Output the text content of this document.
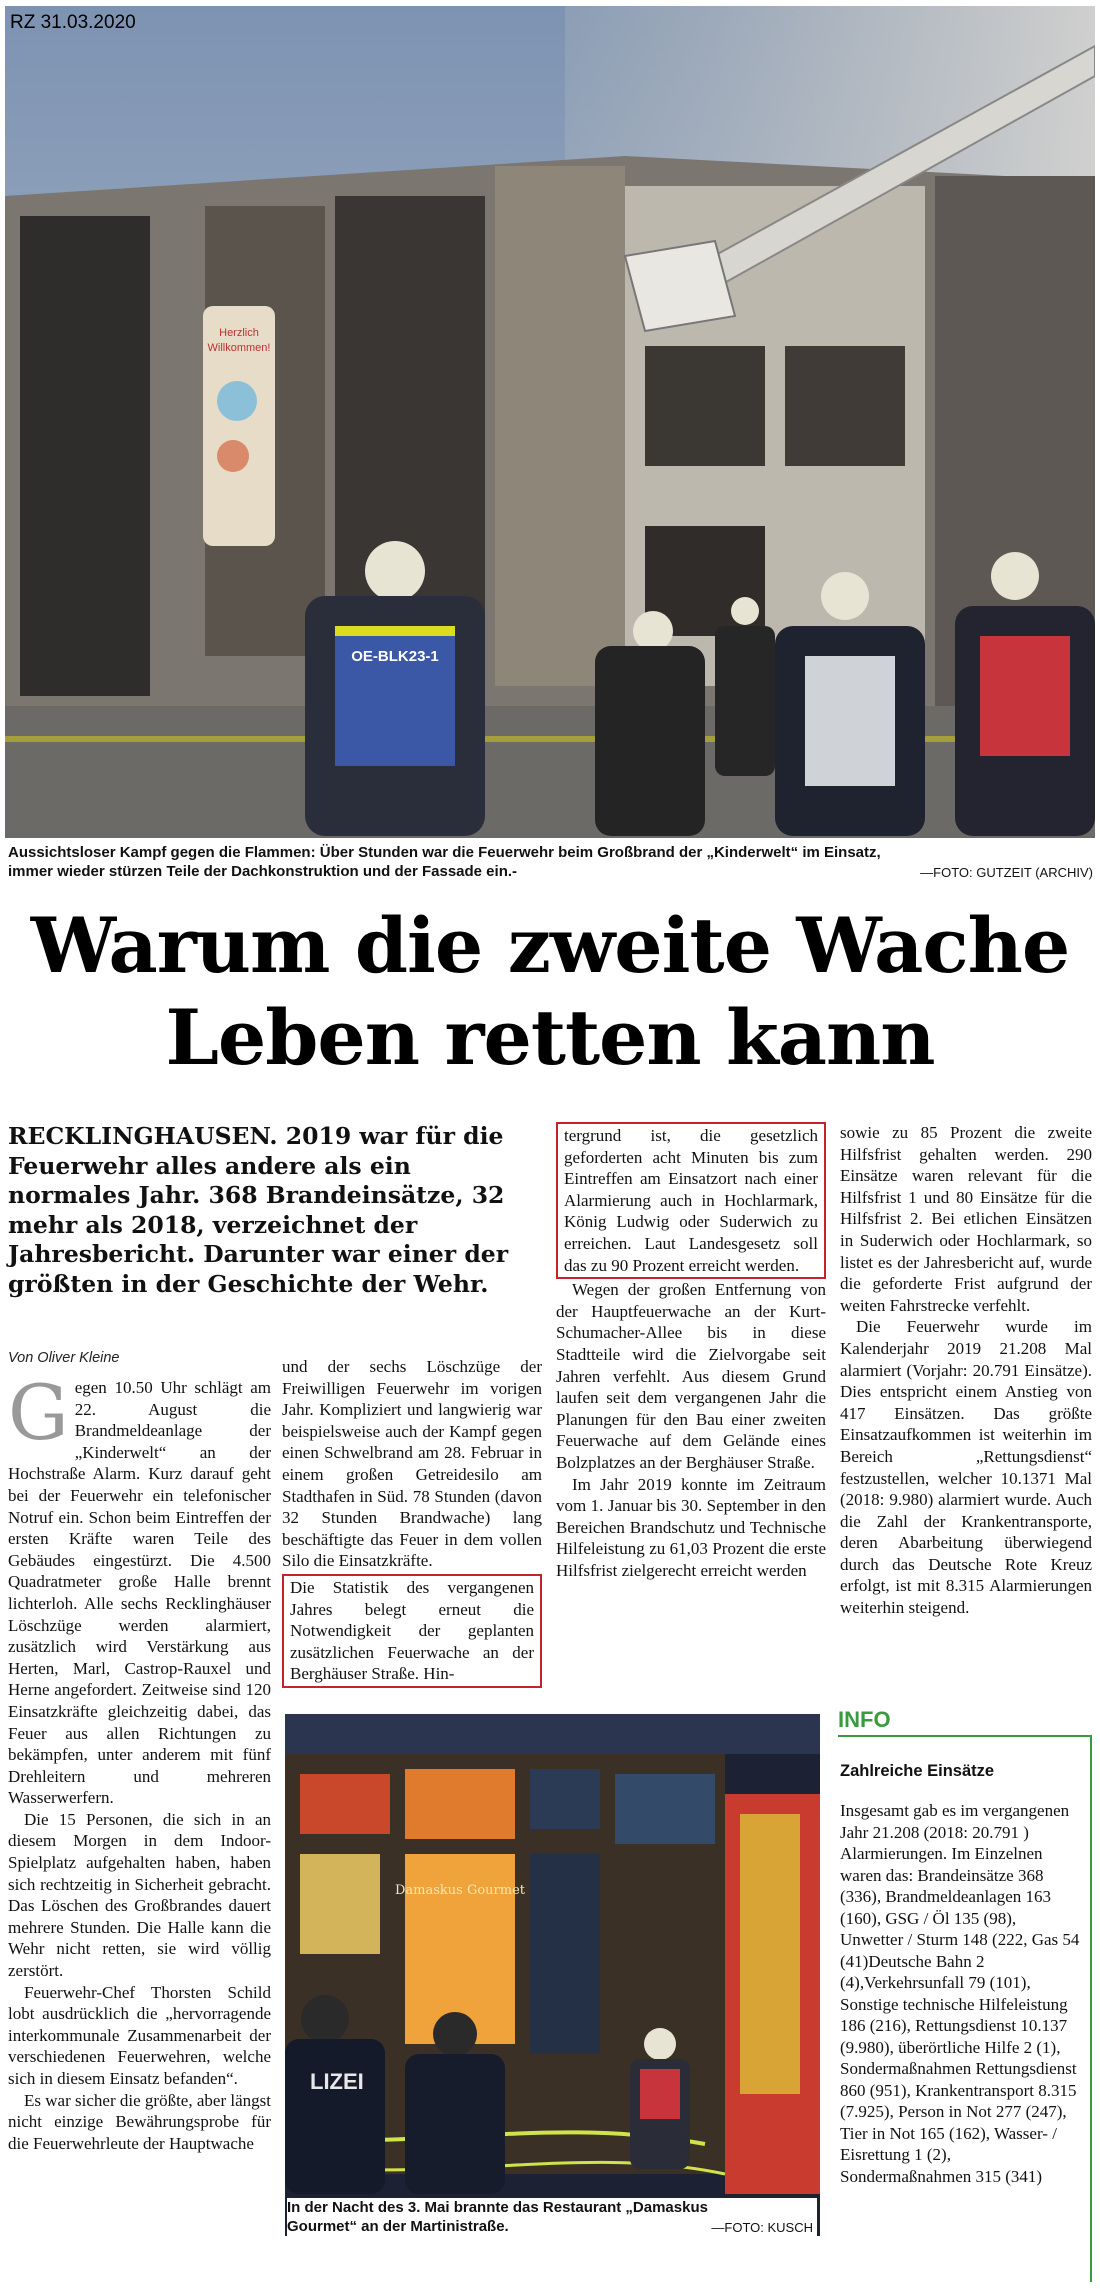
RZ 31.03.2020
Herzlich
Willkommen!
OE-BLK23-1
Aussichtsloser Kampf gegen die Flammen: Über Stunden war die Feuerwehr beim Großbrand der „Kinderwelt“ im Einsatz,
immer wieder stürzen Teile der Dachkonstruktion und der Fassade ein.-	—FOTO: GUTZEIT (ARCHIV)
Warum die zweite Wache
Leben retten kann
RECKLINGHAUSEN. 2019 war für die Feuerwehr alles andere als ein normales Jahr. 368 Brandeinsätze, 32 mehr als 2018, verzeichnet der Jahresbericht. Darunter war einer der größten in der Geschichte der Wehr.
Von Oliver Kleine

Gegen 10.50 Uhr schlägt am 22. August die Brandmeldeanlage der „Kinderwelt“ an der Hochstraße Alarm. Kurz darauf geht bei der Feuerwehr ein telefonischer Notruf ein. Schon beim Eintreffen der ersten Kräfte waren Teile des Gebäudes eingestürzt. Die 4.500 Quadratmeter große Halle brennt lichterloh. Alle sechs Recklinghäuser Löschzüge werden alarmiert, zusätzlich wird Verstärkung aus Herten, Marl, Castrop-Rauxel und Herne angefordert. Zeitweise sind 120 Einsatzkräfte gleichzeitig dabei, das Feuer aus allen Richtungen zu bekämpfen, unter anderem mit fünf Drehleitern und mehreren Wasserwerfern.

Die 15 Personen, die sich in an diesem Morgen in dem Indoor-Spielplatz aufgehalten haben, haben sich rechtzeitig in Sicherheit gebracht. Das Löschen des Großbrandes dauert mehrere Stunden. Die Halle kann die Wehr nicht retten, sie wird völlig zerstört.

Feuerwehr-Chef Thorsten Schild lobt ausdrücklich die „hervorragende interkommunale Zusammenarbeit der verschiedenen Feuerwehren, welche sich in diesem Einsatz befanden“.

Es war sicher die größte, aber längst nicht einzige Bewährungsprobe für die Feuerwehrleute der Hauptwache

und der sechs Löschzüge der Freiwilligen Feuerwehr im vorigen Jahr. Kompliziert und langwierig war beispielsweise auch der Kampf gegen einen Schwelbrand am 28. Februar in einem großen Getreidesilo am Stadthafen in Süd. 78 Stunden (davon 32 Stunden Brandwache) lang beschäftigte das Feuer in dem vollen Silo die Einsatzkräfte.

Die Statistik des vergangenen Jahres belegt erneut die Notwendigkeit der geplanten zusätzlichen Feuerwache an der Berghäuser Straße. Hin-

tergrund ist, die gesetzlich geforderten acht Minuten bis zum Eintreffen am Einsatzort nach einer Alarmierung auch in Hochlarmark, König Ludwig oder Suderwich zu erreichen. Laut Landesgesetz soll das zu 90 Prozent erreicht werden.

Wegen der großen Entfernung von der Hauptfeuerwache an der Kurt-Schumacher-Allee bis in diese Stadtteile wird die Zielvorgabe seit Jahren verfehlt. Aus diesem Grund laufen seit dem vergangenen Jahr die Planungen für den Bau einer zweiten Feuerwache auf dem Gelände eines Bolzplatzes an der Berghäuser Straße.

Im Jahr 2019 konnte im Zeitraum vom 1. Januar bis 30. September in den Bereichen Brandschutz und Technische Hilfeleistung zu 61,03 Prozent die erste Hilfsfrist zielgerecht erreicht werden

sowie zu 85 Prozent die zweite Hilfsfrist gehalten werden. 290 Einsätze waren relevant für die Hilfsfrist 1 und 80 Einsätze für die Hilfsfrist 2. Bei etlichen Einsätzen in Suderwich oder Hochlarmark, so listet es der Jahresbericht auf, wurde die geforderte Frist aufgrund der weiten Fahrstrecke verfehlt.

Die Feuerwehr wurde im Kalenderjahr 2019 21.208 Mal alarmiert (Vorjahr: 20.791 Einsätze). Dies entspricht einem Anstieg von 417 Einsätzen. Das größte Einsatzaufkommen ist weiterhin im Bereich „Rettungsdienst“ festzustellen, welcher 10.1371 Mal (2018: 9.980) alarmiert wurde. Auch die Zahl der Krankentransporte, deren Abarbeitung überwiegend durch das Deutsche Rote Kreuz erfolgt, ist mit 8.315 Alarmierungen weiterhin steigend.

Damaskus Gourmet
LIZEI
In der Nacht des 3. Mai brannte das Restaurant „Damaskus
Gourmet“ an der Martinistraße.	—FOTO: KUSCH
INFO
Zahlreiche Einsätze
Insgesamt gab es im vergangenen Jahr 21.208 (2018: 20.791 ) Alarmierungen. Im Einzelnen waren das: Brandeinsätze 368 (336), Brandmeldeanlagen 163 (160), GSG / Öl 135 (98), Unwetter / Sturm 148 (222, Gas 54 (41)Deutsche Bahn 2 (4),Verkehrsunfall 79 (101), Sonstige technische Hilfeleistung 186 (216), Rettungsdienst 10.137 (9.980), überörtliche Hilfe 2 (1), Sondermaßnahmen Rettungsdienst 860 (951), Krankentransport 8.315 (7.925), Person in Not 277 (247), Tier in Not 165 (162), Wasser- / Eisrettung 1 (2), Sondermaßnahmen 315 (341)
